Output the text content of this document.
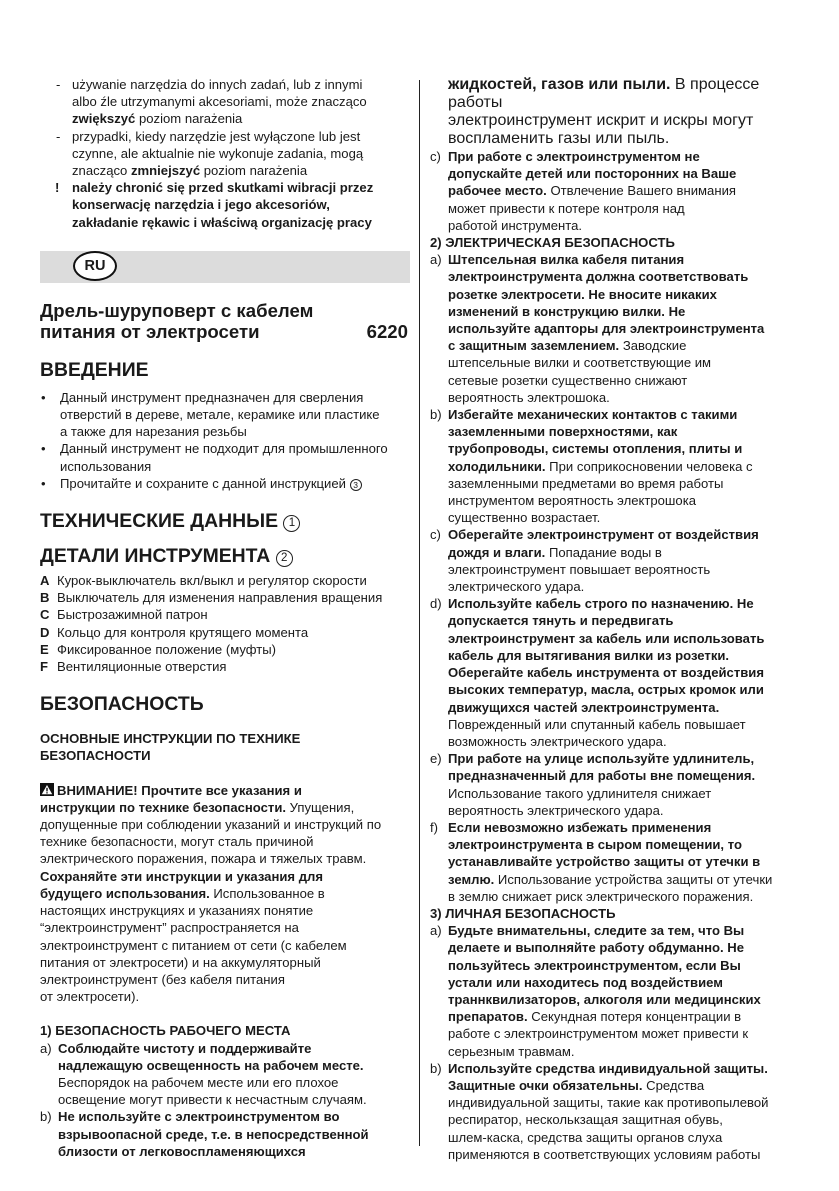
- używanie narzędzia do innych zadań, lub z innymi
albo źle utrzymanymi akcesoriami, może znacząco
zwiększyć poziom narażenia
- przypadki, kiedy narzędzie jest wyłączone lub jest
czynne, ale aktualnie nie wykonuje zadania, mogą
znacząco zmniejszyć poziom narażenia
! należy chronić się przed skutkami wibracji przez
konserwację narzędzia i jego akcesoriów,
zakładanie rękawic i właściwą organizację pracy
RU
Дрель-шуруповерт с кабелем
питания от электросети	6220
ВВЕДЕНИЕ
• Данный инструмент предназначен для сверления
отверстий в дереве, метале, керамике или пластике
а также для нарезания резьбы
• Данный инструмент не подходит для промышленного
использования
• Прочитайте и сохраните с данной инструкцией 3
ТЕХНИЧЕСКИЕ ДАННЫЕ 1
ДЕТАЛИ ИНСТРУМЕНТА 2
A Курок-выключатель вкл/выкл и регулятор скорости
B Выключатель для изменения направления вращения
C Быстрозажимной патрон
D Кольцо для контроля крутящего момента
E Фиксированное положение (муфты)
F Вентиляционные отверстия
БЕЗОПАСНОСТЬ
ОСНОВНЫЕ ИНСТРУКЦИИ ПО ТЕХНИКЕ
БЕЗОПАСНОСТИ
ВНИМАНИЕ! Прочтите все указания и
инструкции по технике безопасности. Упущения,
допущенные при соблюдении указаний и инструкций по
технике безопасности, могут сталь причиной
электрического поражения, пожара и тяжелых травм.
Сохраняйте эти инструкции и указания для
будущего использования. Использованное в
настоящих инструкциях и указаниях понятие
“электроинструмент” распространяется на
электроинструмент с питанием от сети (с кабелем
питания от электросети) и на аккумуляторный
электроинструмент (без кабеля питания
от электросети).
1) БЕЗОПАСНОСТЬ РАБОЧЕГО МЕСТА
a) Соблюдайте чистоту и поддерживайте
надлежащую освещенность на рабочем месте.
Беспорядок на рабочем месте или его плохое
освещение могут привести к несчастным случаям.
b) Не используйте с электроинструментом во
взрывоопасной среде, т.е. в непосредственной
близости от легковоспламеняющихся
жидкостей, газов или пыли. В процессе работы
электроинструмент искрит и искры могут
воспламенить газы или пыль.
c) При работе с электроинструментом не
допускайте детей или посторонних на Ваше
рабочее место. Отвлечение Вашего внимания
может привести к потере контроля над
работой инструмента.
2) ЭЛЕКТРИЧЕСКАЯ БЕЗОПАСНОСТЬ
a) Штепсельная вилка кабеля питания
электроинструмента должна соответствовать
розетке электросети. Не вносите никаких
изменений в конструкцию вилки. Не
используйте адапторы для электроинструмента
с защитным заземлением. Заводские
штепсельные вилки и соответствующие им
сетевые розетки существенно снижают
вероятность электрошока.
b) Избегайте механических контактов с такими
заземленными поверхностями, как
трубопроводы, системы отопления, плиты и
холодильники. При соприкосновении человека с
заземленными предметами во время работы
инструментом вероятность электрошока
существенно возрастает.
c) Оберегайте электроинструмент от воздействия
дождя и влаги. Попадание воды в
электроинструмент повышает вероятность
электрического удара.
d) Используйте кабель строго по назначению. Не
допускается тянуть и передвигать
электроинструмент за кабель или использовать
кабель для вытягивания вилки из розетки.
Оберегайте кабель инструмента от воздействия
высоких температур, масла, острых кромок или
движущихся частей электроинструмента.
Поврежденный или спутанный кабель повышает
возможность электрического удара.
e) При работе на улице используйте удлинитель,
предназначенный для работы вне помещения.
Использование такого удлинителя снижает
вероятность электрического удара.
f) Если невозможно избежать применения
электроинструмента в сыром помещении, то
устанавливайте устройство защиты от утечки в
землю. Использование устройства защиты от утечки
в землю снижает риск электрического поражения.
3) ЛИЧНАЯ БЕЗОПАСНОСТЬ
a) Будьте внимательны, следите за тем, что Вы
делаете и выполняйте работу обдуманно. Не
пользуйтесь электроинструментом, если Вы
устали или находитесь под воздействием
траннквилизаторов, алкоголя или медицинских
препаратов. Секундная потеря концентрации в
работе с электроинструментом может привести к
серьезным травмам.
b) Используйте средства индивидуальной защиты.
Защитные очки обязательны. Средства
индивидуальной защиты, такие как противопылевой
респиратор, несколькзащая защитная обувь,
шлем-каска, средства защиты органов слуха
применяются в соответствующих условиям работы
